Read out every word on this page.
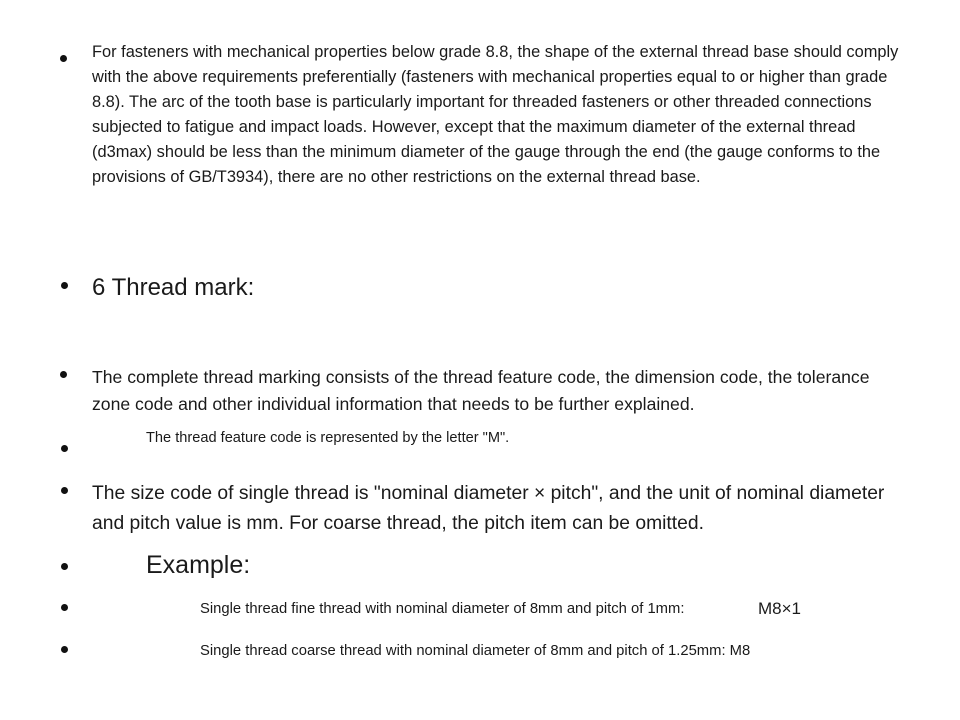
For fasteners with mechanical properties below grade 8.8, the shape of the external thread base should comply with the above requirements preferentially (fasteners with mechanical properties equal to or higher than grade 8.8). The arc of the tooth base is particularly important for threaded fasteners or other threaded connections subjected to fatigue and impact loads. However, except that the maximum diameter of the external thread (d3max) should be less than the minimum diameter of the gauge through the end (the gauge conforms to the provisions of GB/T3934), there are no other restrictions on the external thread base.
6 Thread mark:
The complete thread marking consists of the thread feature code, the dimension code, the tolerance zone code and other individual information that needs to be further explained.
The thread feature code is represented by the letter "M".
The size code of single thread is "nominal diameter × pitch", and the unit of nominal diameter and pitch value is mm. For coarse thread, the pitch item can be omitted.
Example:
Single thread fine thread with nominal diameter of 8mm and pitch of 1mm:	M8×1
Single thread coarse thread with nominal diameter of 8mm and pitch of 1.25mm: M8
